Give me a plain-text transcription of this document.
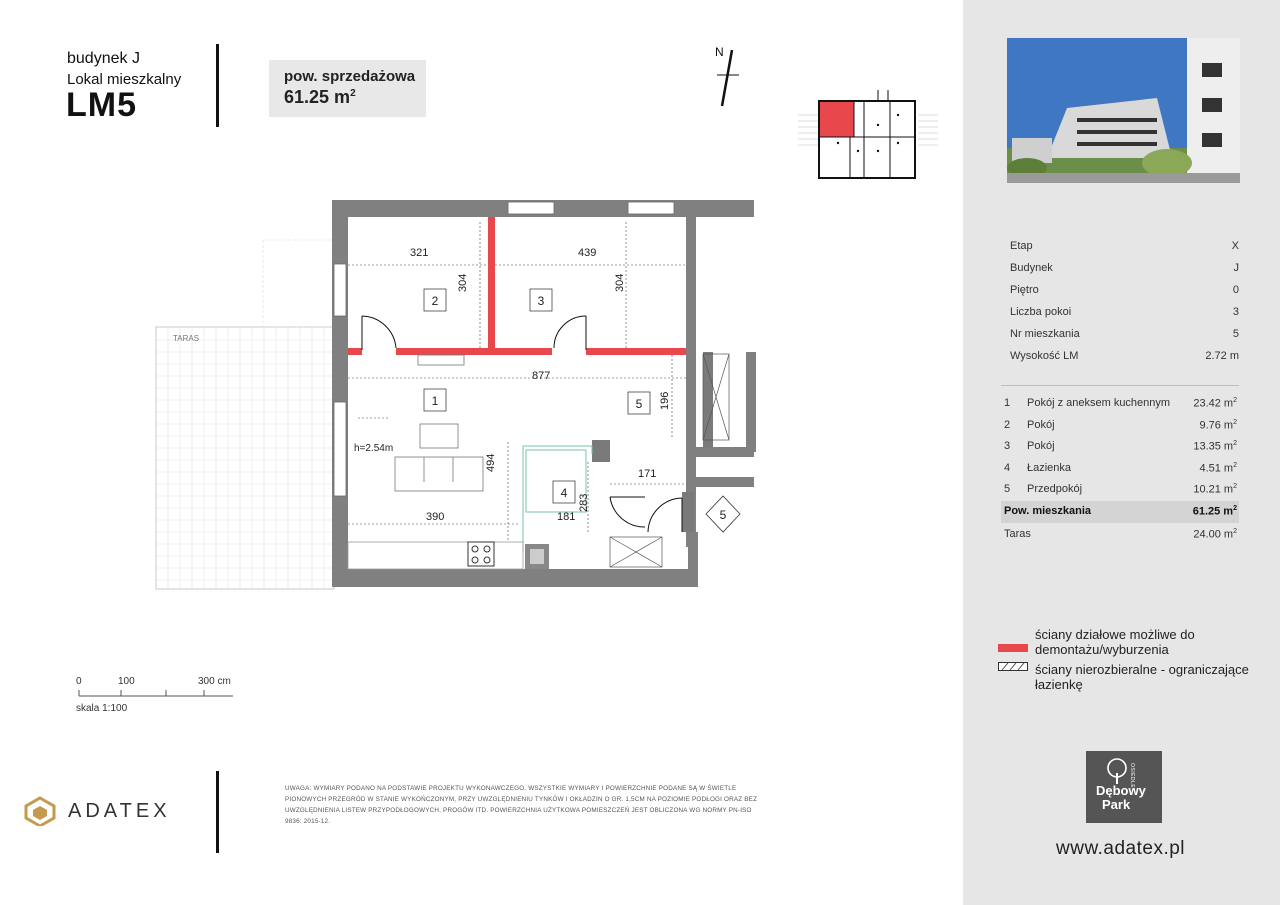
budynek J
Lokal mieszkalny
LM5
pow. sprzedażowa
61.25 $m^2$
N
TARAS
321	439
304	304
877
196
494
171
390	181
283
2	3
1	5
4
5
h=2.54m
0	100	300 cm
skala 1:100
ADATEX
UWAGA: WYMIARY PODANO NA PODSTAWIE PROJEKTU WYKONAWCZEGO. WSZYSTKIE WYMIARY I POWIERZCHNIE PODANE SĄ W ŚWIETLE PIONOWYCH PRZEGRÓD W STANIE WYKOŃCZONYM, PRZY UWZGLĘDNIENIU TYNKÓW I OKŁADZIN O GR. 1,5CM NA POZIOMIE PODŁOGI ORAZ BEZ UWZGLĘDNIENIA LISTEW PRZYPODŁOGOWYCH, PROGÓW ITD. POWIERZCHNIA UŻYTKOWA POMIESZCZEŃ JEST OBLICZONA WG NORMY PN-ISO 9836: 2015-12.
Etap	X
Budynek	J
Piętro	0
Liczba pokoi	3
Nr mieszkania	5
Wysokość LM	2.72 m
1 Pokój z aneksem kuchennym 23.42 $m^2$
2 Pokój	9.76 $m^2$
3 Pokój	13.35 $m^2$
4 Łazienka	4.51 $m^2$
5 Przedpokój	10.21 $m^2$
Pow. mieszkania	61.25 $m^2$
Taras	24.00 $m^2$
ściany działowe możliwe do demontażu/wyburzenia
ściany nierozbieralne - ograniczające łazienkę
OSIEDLE
Dębowy
Park
www.adatex.pl
